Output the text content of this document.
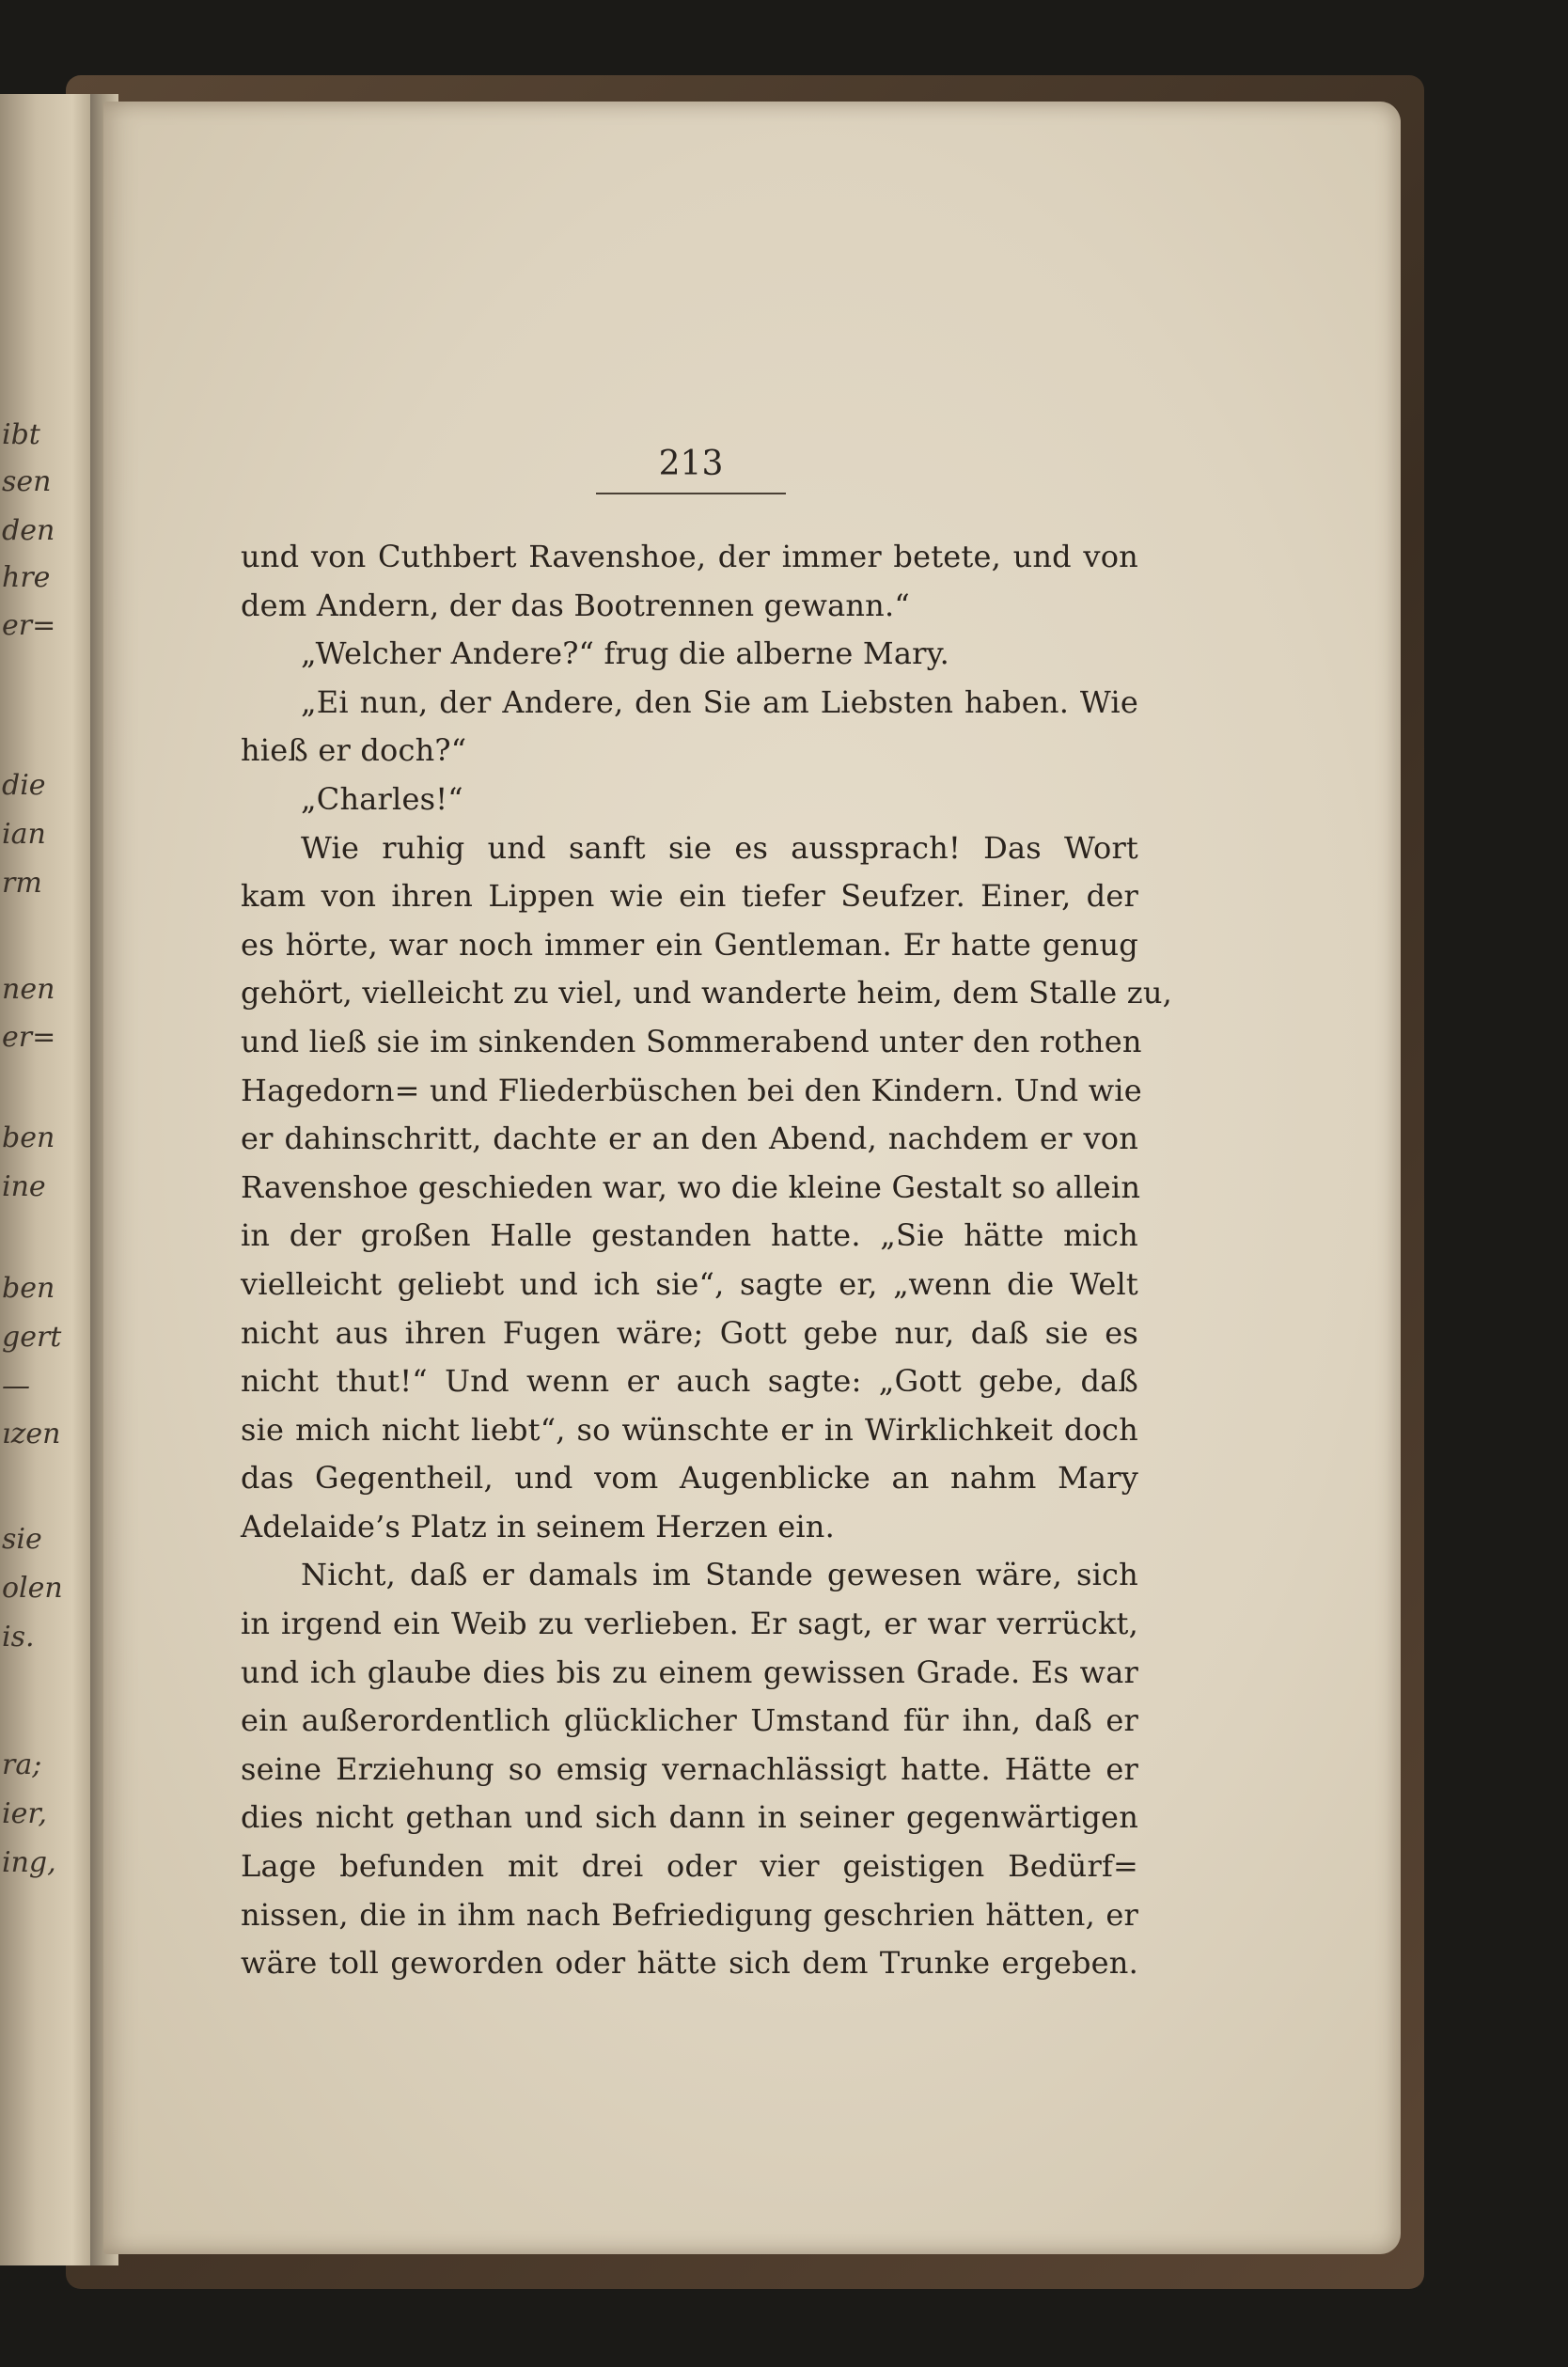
ibt
sen
den
hre
er=
die
ian
rm
nen
er=
ben
ine
ben
gert
—
ızen
sie
olen
is.
ra;
ier,
ing,
213
und von Cuthbert Ravenshoe, der immer betete, und von
dem Andern, der das Bootrennen gewann.“
„Welcher Andere?“ frug die alberne Mary.
„Ei nun, der Andere, den Sie am Liebsten haben. Wie
hieß er doch?“
„Charles!“
Wie ruhig und sanft sie es aussprach! Das Wort
kam von ihren Lippen wie ein tiefer Seufzer. Einer, der
es hörte, war noch immer ein Gentleman. Er hatte genug
gehört, vielleicht zu viel, und wanderte heim, dem Stalle zu,
und ließ sie im sinkenden Sommerabend unter den rothen
Hagedorn= und Fliederbüschen bei den Kindern. Und wie
er dahinschritt, dachte er an den Abend, nachdem er von
Ravenshoe geschieden war, wo die kleine Gestalt so allein
in der großen Halle gestanden hatte. „Sie hätte mich
vielleicht geliebt und ich sie“, sagte er, „wenn die Welt
nicht aus ihren Fugen wäre; Gott gebe nur, daß sie es
nicht thut!“ Und wenn er auch sagte: „Gott gebe, daß
sie mich nicht liebt“, so wünschte er in Wirklichkeit doch
das Gegentheil, und vom Augenblicke an nahm Mary
Adelaide’s Platz in seinem Herzen ein.
Nicht, daß er damals im Stande gewesen wäre, sich
in irgend ein Weib zu verlieben. Er sagt, er war verrückt,
und ich glaube dies bis zu einem gewissen Grade. Es war
ein außerordentlich glücklicher Umstand für ihn, daß er
seine Erziehung so emsig vernachlässigt hatte. Hätte er
dies nicht gethan und sich dann in seiner gegenwärtigen
Lage befunden mit drei oder vier geistigen Bedürf=
nissen, die in ihm nach Befriedigung geschrien hätten, er
wäre toll geworden oder hätte sich dem Trunke ergeben.
